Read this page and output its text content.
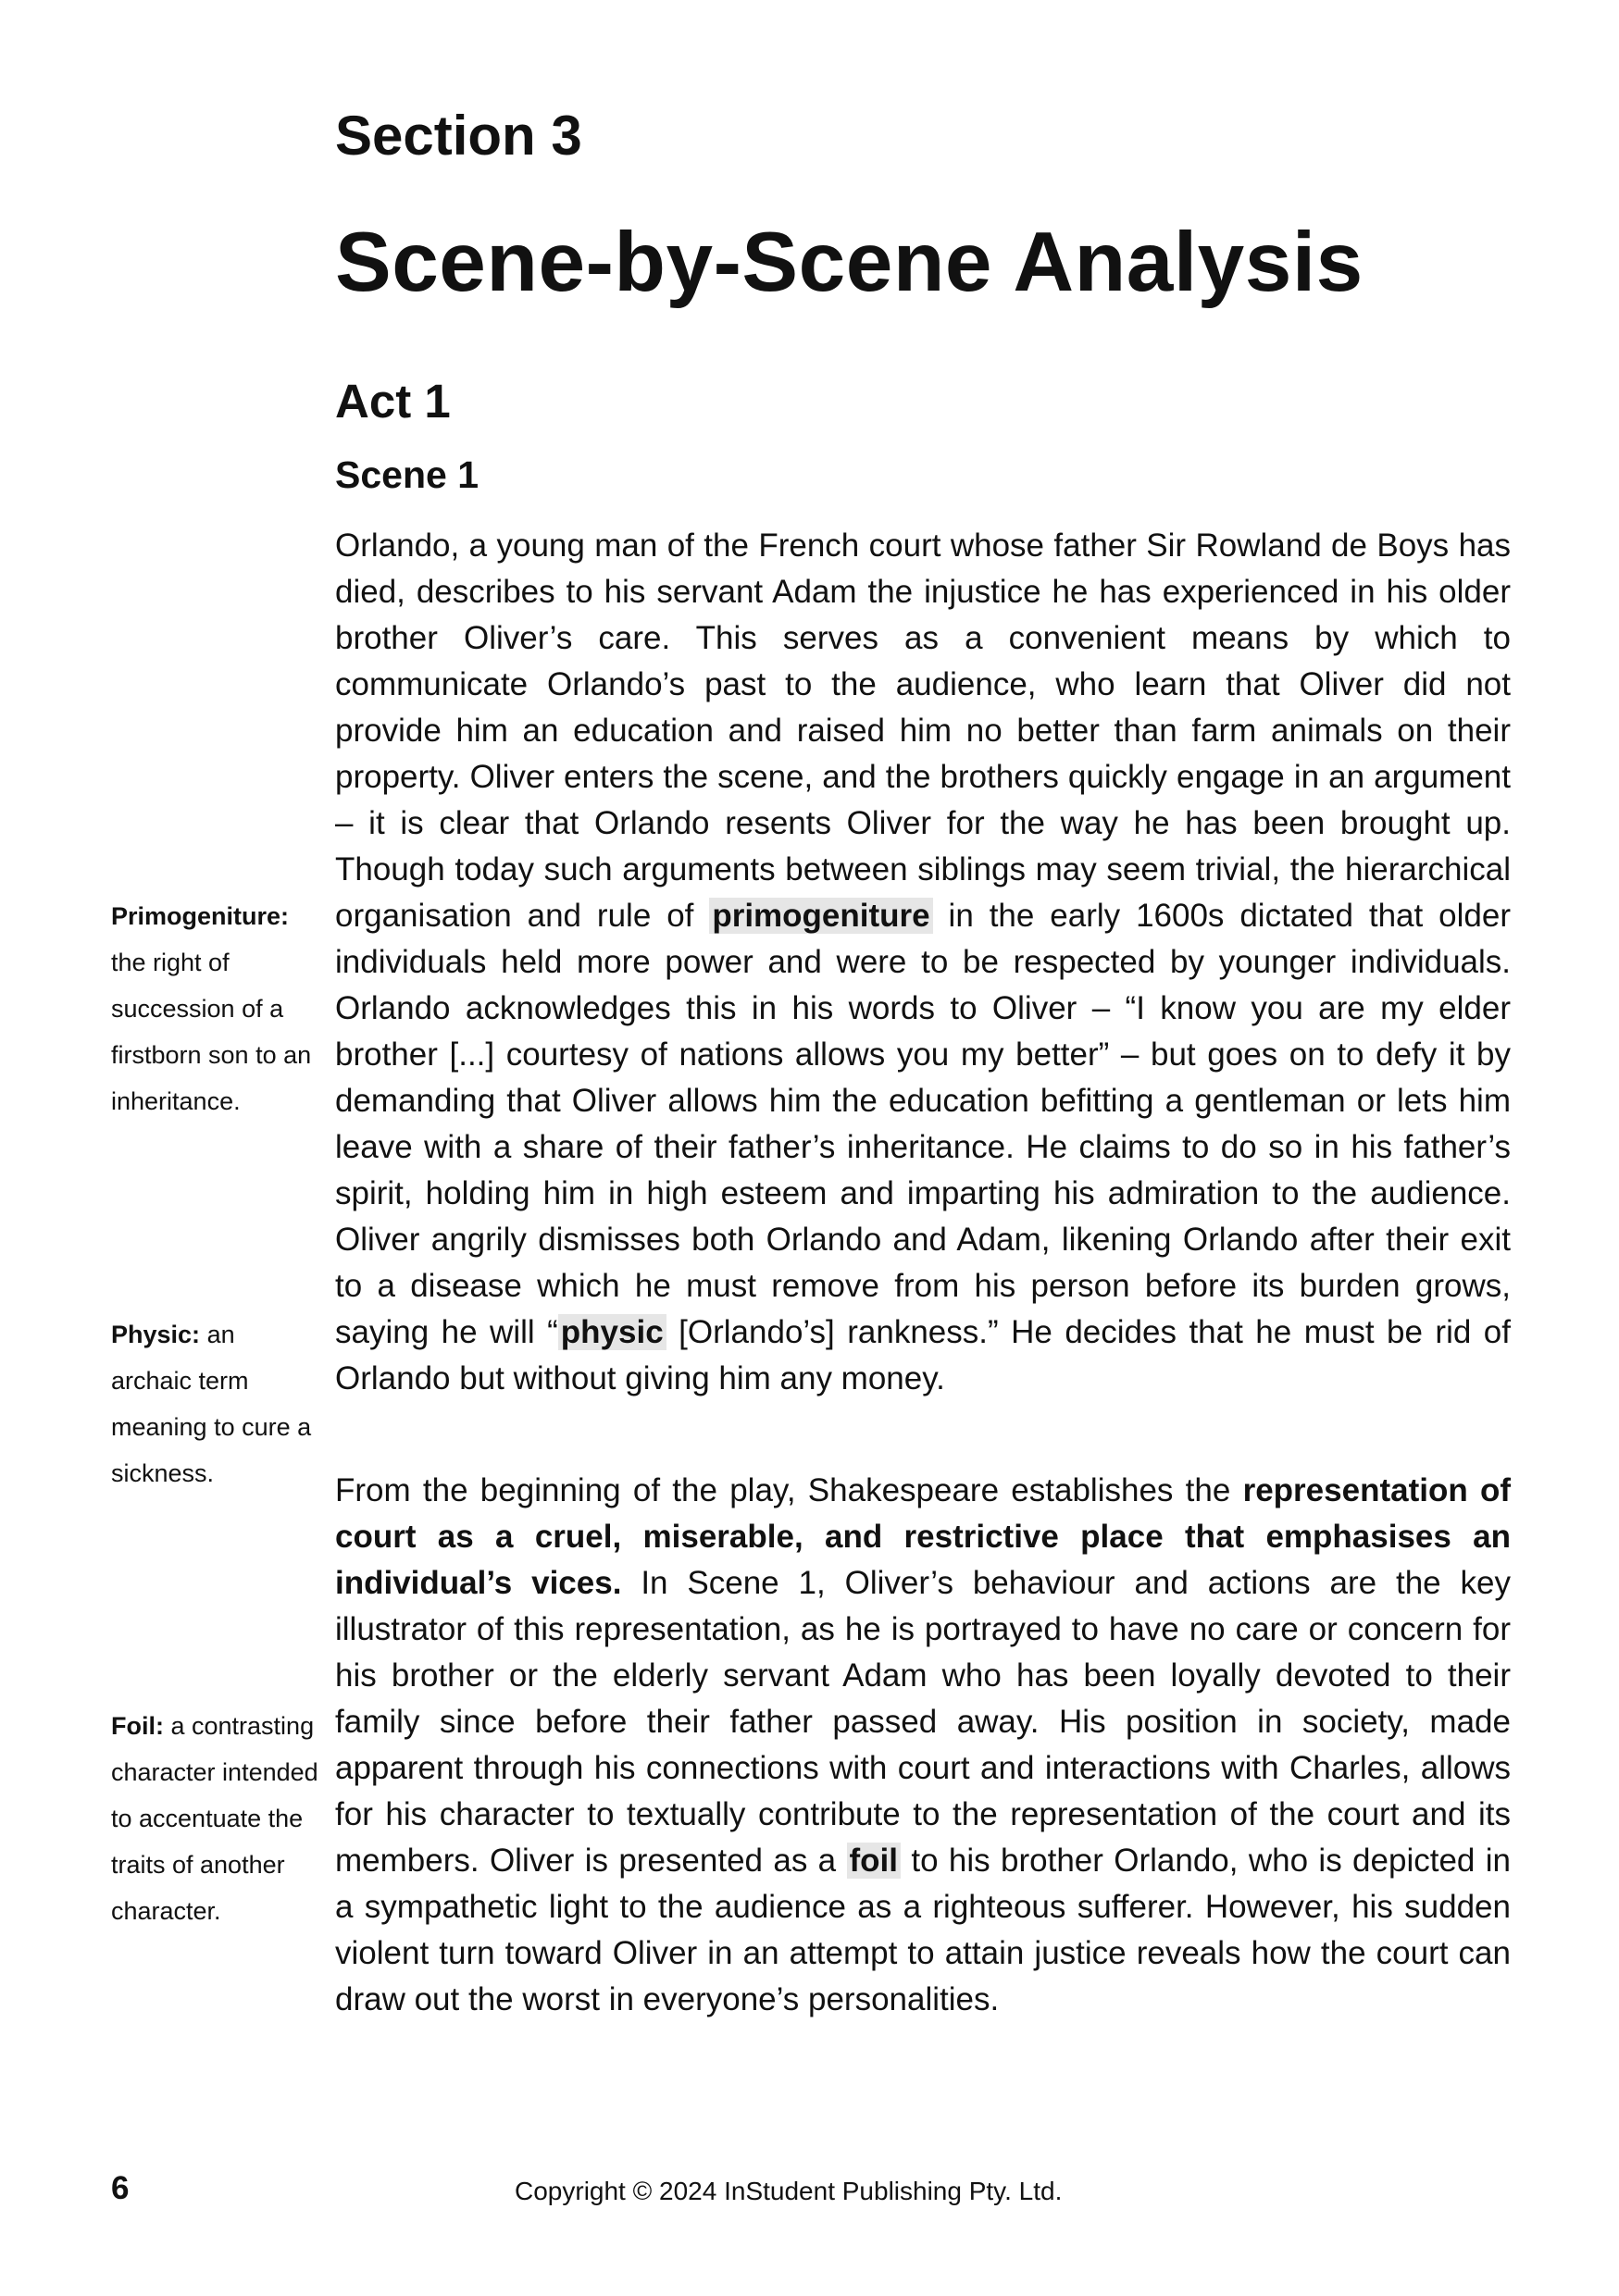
Section 3
Scene-by-Scene Analysis
Act 1
Scene 1

Orlando, a young man of the French court whose father Sir Rowland de Boys has died, describes to his servant Adam the injustice he has experienced in his older brother Oliver’s care. This serves as a convenient means by which to communicate Orlando’s past to the audience, who learn that Oliver did not provide him an education and raised him no better than farm animals on their property. Oliver enters the scene, and the brothers quickly engage in an argument – it is clear that Orlando resents Oliver for the way he has been brought up. Though today such arguments between siblings may seem trivial, the hierarchical organisation and rule of primogeniture in the early 1600s dictated that older individuals held more power and were to be respected by younger individuals. Orlando acknowledges this in his words to Oliver – “I know you are my elder brother [...] courtesy of nations allows you my better” – but goes on to defy it by demanding that Oliver allows him the education befitting a gentleman or lets him leave with a share of their father’s inheritance. He claims to do so in his father’s spirit, holding him in high esteem and imparting his admiration to the audience. Oliver angrily dismisses both Orlando and Adam, likening Orlando after their exit to a disease which he must remove from his person before its burden grows, saying he will “physic [Orlando’s] rankness.” He decides that he must be rid of Orlando but without giving him any money.

From the beginning of the play, Shakespeare establishes the representation of court as a cruel, miserable, and restrictive place that emphasises an individual’s vices. In Scene 1, Oliver’s behaviour and actions are the key illustrator of this representation, as he is portrayed to have no care or concern for his brother or the elderly servant Adam who has been loyally devoted to their family since before their father passed away. His position in society, made apparent through his connections with court and interactions with Charles, allows for his character to textually contribute to the representation of the court and its members. Oliver is presented as a foil to his brother Orlando, who is depicted in a sympathetic light to the audience as a righteous sufferer. However, his sudden violent turn toward Oliver in an attempt to attain justice reveals how the court can draw out the worst in everyone’s personalities.

Primogeniture: the right of succession of a firstborn son to an inheritance.
Physic: an archaic term meaning to cure a sickness.
Foil: a contrasting character intended to accentuate the traits of another character.
6	Copyright © 2024 InStudent Publishing Pty. Ltd.
